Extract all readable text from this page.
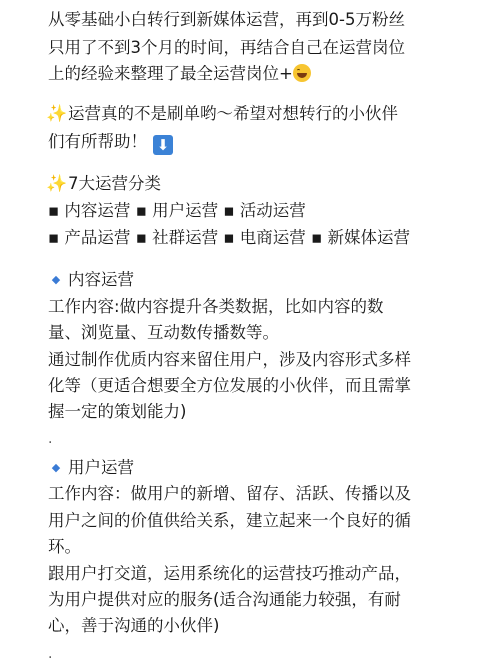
从零基础小白转行到新媒体运营，再到0-5万粉丝

只用了不到3个月的时间，再结合自己在运营岗位

上的经验来整理了最全运营岗位+

✨运营真的不是刷单哟～希望对想转行的小伙伴

们有所帮助！ ⬇

✨7大运营分类

▪ 内容运营 ▪ 用户运营 ▪ 活动运营

▪ 产品运营 ▪ 社群运营 ▪ 电商运营 ▪ 新媒体运营

◆ 内容运营

工作内容:做内容提升各类数据，比如内容的数

量、浏览量、互动数传播数等。

通过制作优质内容来留住用户，涉及内容形式多样

化等（更适合想要全方位发展的小伙伴，而且需掌

握一定的策划能力)

.

◆ 用户运营

工作内容：做用户的新增、留存、活跃、传播以及

用户之间的价值供给关系，建立起来一个良好的循

环。

跟用户打交道，运用系统化的运营技巧推动产品，

为用户提供对应的服务(适合沟通能力较强，有耐

心，善于沟通的小伙伴)

.
